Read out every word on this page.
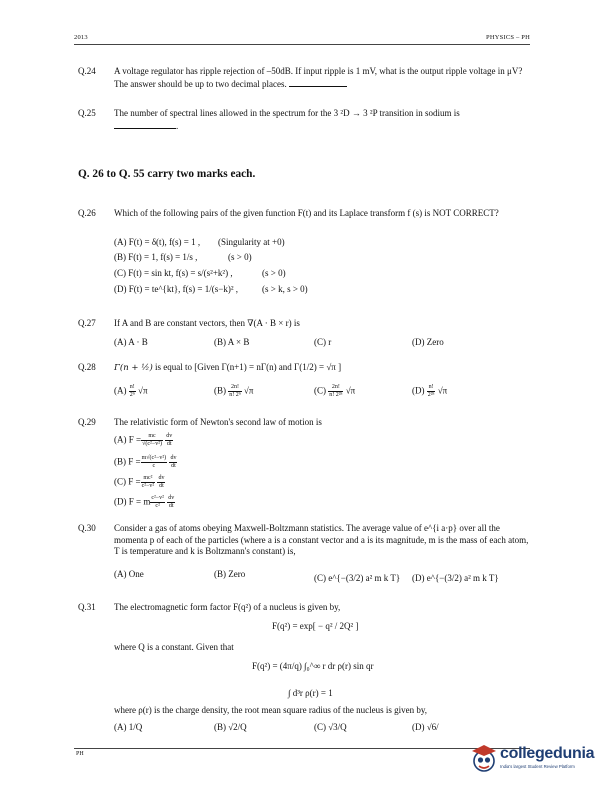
2013	PHYSICS – PH
Q.24	A voltage regulator has ripple rejection of –50dB. If input ripple is 1 mV, what is the output ripple voltage in μV? The answer should be up to two decimal places.
Q.25	The number of spectral lines allowed in the spectrum for the 3 ²D → 3 ²P transition in sodium is
.
Q. 26 to Q. 55 carry two marks each.
Q.26	Which of the following pairs of the given function F(t) and its Laplace transform f (s) is NOT CORRECT?
(A) F(t) = δ(t), f(s) = 1 , (Singularity at +0)
(B) F(t) = 1, f(s) = 1/s ,	(s > 0)
(C) F(t) = sin kt, f(s) = s/(s²+k²) ,	(s > 0)
(D) F(t) = te^{kt}, f(s) = 1/(s−k)² ,	(s > k, s > 0)
Q.27	If A and B are constant vectors, then ∇(A · B × r) is
(A) A · B	(B) A × B	(C) r	(D) Zero
Q.28	Γ(n + ½) is equal to [Given Γ(n+1) = nΓ(n) and Γ(1/2) = √π ]
$(A) \frac{n!}{\text{2ⁿ}} √\pi$	$(B) \frac{2n!}{\text{n! 2ⁿ}} √\pi$	$(C) \frac{2n!}{\text{n! 2²ⁿ}} √\pi$	$(D) \frac{n!}{\text{2²ⁿ}} √\pi$
Q.29	The relativistic form of Newton's second law of motion is
(A) $F = \frac{mc}{\text{√(c²−v²)}}$
$\frac{dv}{dt}$
(B) $F = \frac{\text{m√(c²−v²)}}{c}$
$\frac{dv}{dt}$
(C) $F = \frac{\text{mc²}}{\text{c²−v²}}$
$\frac{dv}{dt}$
(D) F = m $\frac{\text{c²−v²}}{\text{c²}}$
$\frac{dv}{dt}$
Q.30	Consider a gas of atoms obeying Maxwell-Boltzmann statistics. The average value of e^{i a·p} over all the momenta p of each of the particles (where a is a constant vector and a is its magnitude, m is the mass of each atom, T is temperature and k is Boltzmann's constant) is,
(A) One	(B) Zero	(C) e^{−(3/2) a² m k T} (D) e^{−(3/2) a² m k T}
Q.31	The electromagnetic form factor F(q²) of a nucleus is given by,
F(q²) = exp[ − q² / 2Q² ]
where Q is a constant. Given that
F(q²) = (4π/q) ∫₀^∞ r dr ρ(r) sin qr
∫ d³r ρ(r) = 1
where ρ(r) is the charge density, the root mean square radius of the nucleus is given by,
(A) 1/Q	(B) √2/Q	(C) √3/Q	(D) √6/
PH	collegedunia
India's largest Student Review Platform
